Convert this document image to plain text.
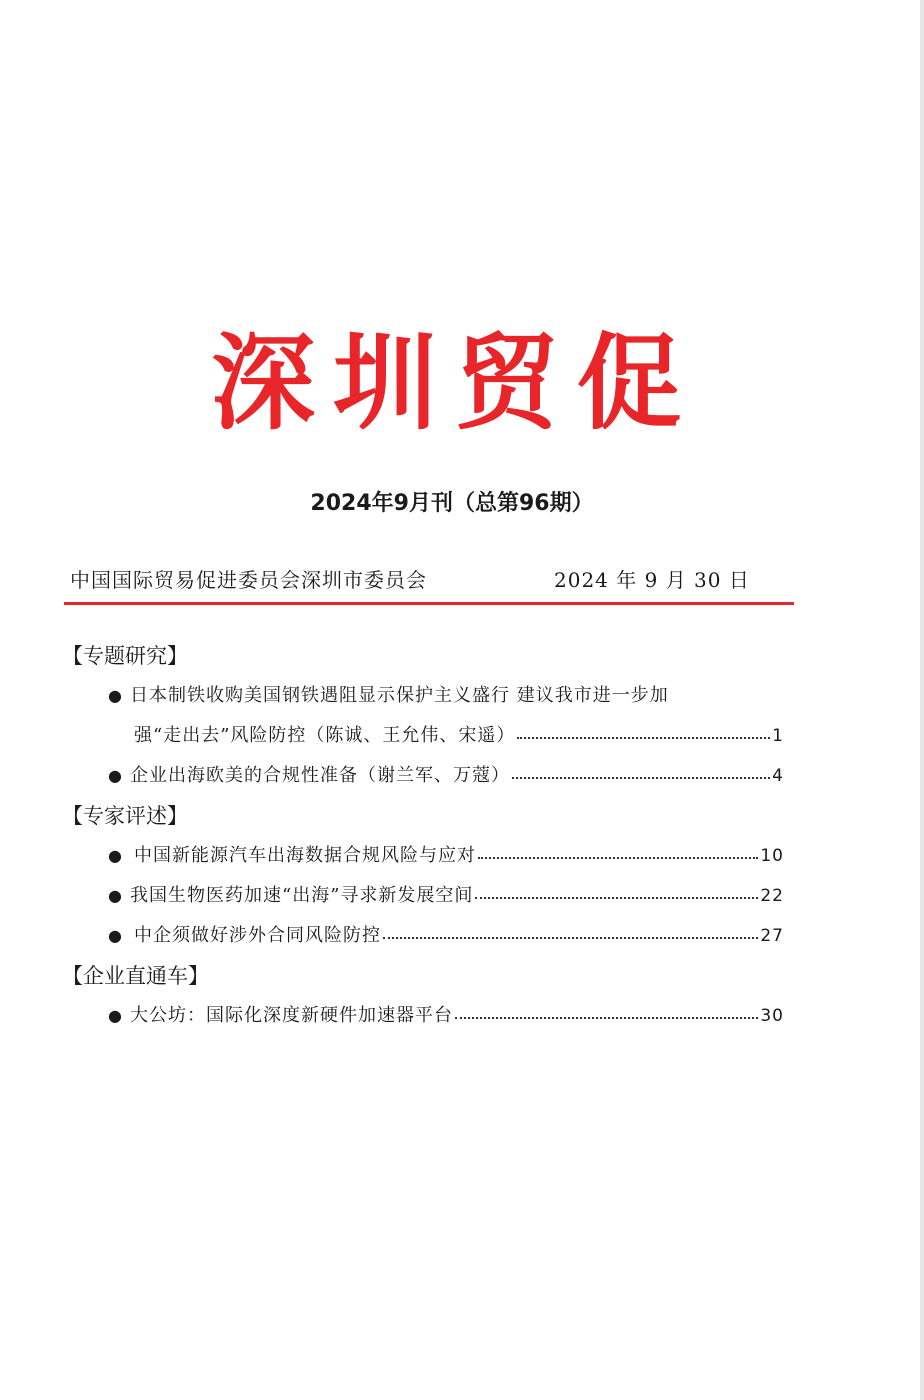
深圳贸促
2024年9月刊（总第96期）
中国国际贸易促进委员会深圳市委员会	2024 年 9 月 30 日
【专题研究】
● 日本制铁收购美国钢铁遇阻显示保护主义盛行 建议我市进一步加
强“走出去”风险防控（陈诚、王允伟、宋遥）	1
● 企业出海欧美的合规性准备（谢兰军、万蔻）	4
【专家评述】
● 中国新能源汽车出海数据合规风险与应对	10
● 我国生物医药加速“出海”寻求新发展空间	22
● 中企须做好涉外合同风险防控	27
【企业直通车】
● 大公坊：国际化深度新硬件加速器平台	30
